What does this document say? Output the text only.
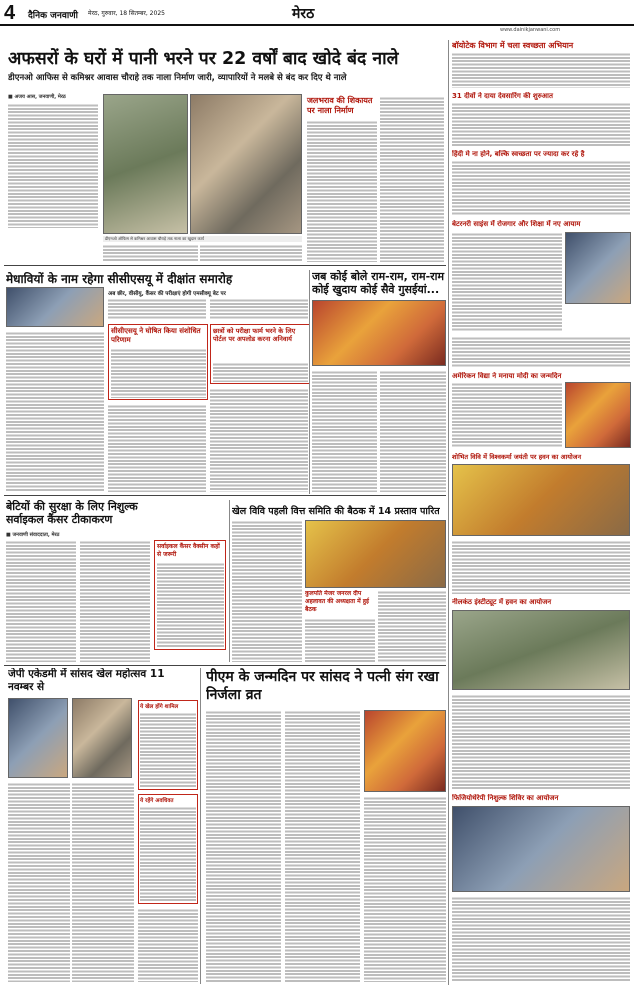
4 दैनिक जनवाणी मेरठ, गुरुवार, 18 सितम्बर, 2025	मेरठ
www.dainikjanwani.com
अफसरों के घरों में पानी भरने पर 22 वर्षों बाद खोदे बंद नाले
डीएनओ आफिस से कमिश्नर आवास चौराहे तक नाला निर्माण जारी, व्यापारियों ने मलबे से बंद कर दिए थे नाले
■ अजय आस, जनवाणी, मेरठ
डीएनओ ऑफिस से कमिश्नर आवास चौराहे तक नाला का खुदान कार्य
जलभराव की शिकायत पर नाला निर्माण
मेधावियों के नाम रहेगा सीसीएसयू में दीक्षांत समारोह
अब छीर, वीसीयु, कैंसर की परीक्षाएं होगी एमसीक्यू बेट पर
सीसीएसयू ने घोषित किया संशोधित परिणाम
छात्रों को परीक्षा फार्म भरने के लिए पोर्टल पर अपलोड करना अनिवार्य
जब कोई बोले राम-राम, राम-राम कोई खुदाय कोई सैवे गुसईयां...
बेटियों की सुरक्षा के लिए निशुल्क सर्वाइकल कैंसर टीकाकरण
■ जनवाणी संवाददाता, मेरठ
सर्वाइकल कैंसर वैक्सीन कहों से जरूरी
खेल विवि पहली वित्त समिति की बैठक में 14 प्रस्ताव पारित
कुलपति मेजर जनरल दीप अहलावत की अध्यक्षता में हुई बैठक
जेपी एकेडमी में सांसद खेल महोत्सव 11 नवम्बर से
ये खेल होंगे शामिल
ये रहेंगे अवधिवत
पीएम के जन्मदिन पर सांसद ने पत्नी संग रखा निर्जला व्रत
बॉयोटेक विभाग में चला स्वच्छता अभियान
31 दीवों ने दाया देवसारिंग की शुरुआत
हिंदी मे ना होने, बल्कि स्वच्छता पर ज्यादा कर रहे है
बेटरनरी साइंस में रोजगार और शिक्षा में नए आयाम
अमेरिकन विद्या ने मनाया मोदी का जन्मदिन
शोभित विवि में विश्वकर्मा जयंती पर हवन का आयोजन
नीलकंठ इंस्टीट्यूट में हवन का आयोजन
फिजियोथेरेपी निशुल्क शिविर का आयोजन
